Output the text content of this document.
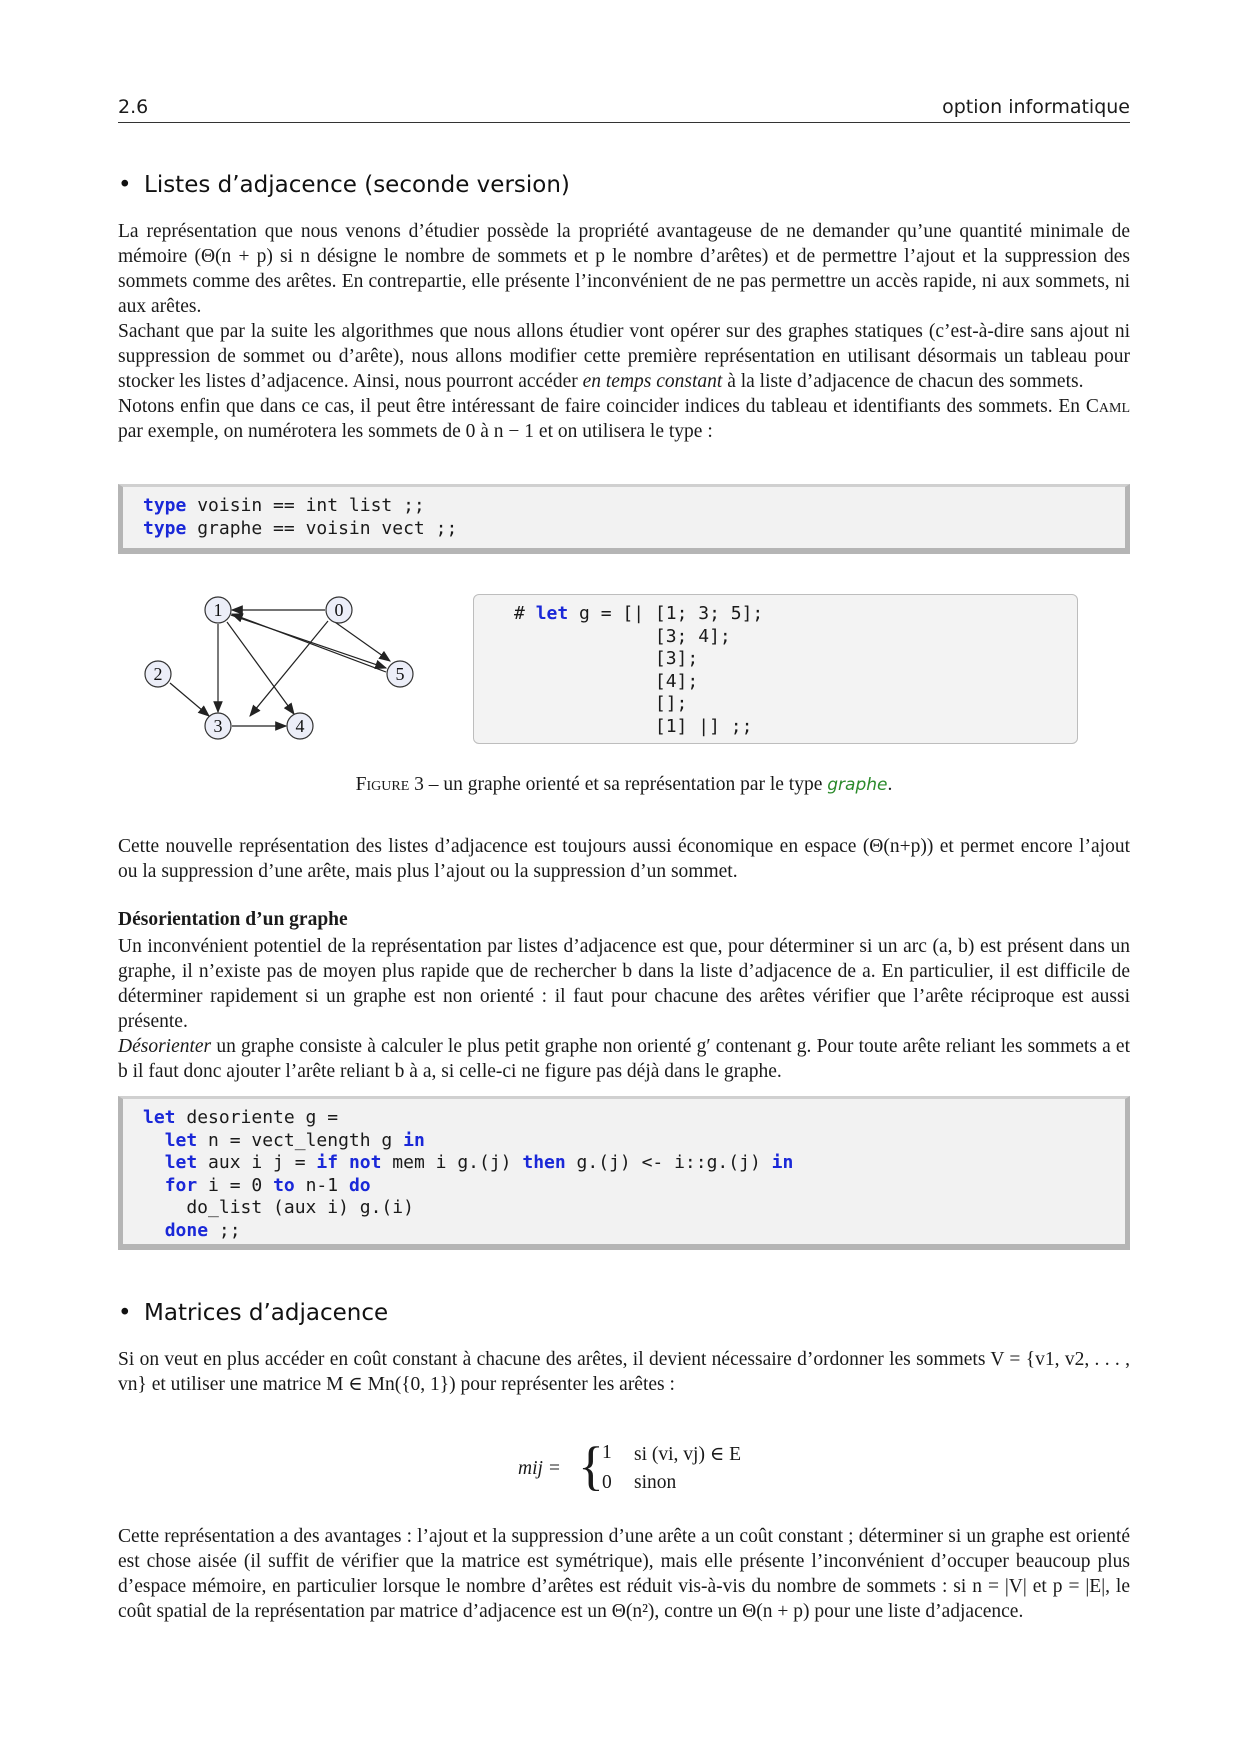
2.6	option informatique
• Listes d’adjacence (seconde version)

La représentation que nous venons d’étudier possède la propriété avantageuse de ne demander qu’une quantité minimale de mémoire (Θ(n + p) si n désigne le nombre de sommets et p le nombre d’arêtes) et de permettre l’ajout et la suppression des sommets comme des arêtes. En contrepartie, elle présente l’inconvénient de ne pas permettre un accès rapide, ni aux sommets, ni aux arêtes.

Sachant que par la suite les algorithmes que nous allons étudier vont opérer sur des graphes statiques (c’est-à-dire sans ajout ni suppression de sommet ou d’arête), nous allons modifier cette première représentation en utilisant désormais un tableau pour stocker les listes d’adjacence. Ainsi, nous pourront accéder en temps constant à la liste d’adjacence de chacun des sommets.

Notons enfin que dans ce cas, il peut être intéressant de faire coincider indices du tableau et identifiants des sommets. En Caml par exemple, on numérotera les sommets de 0 à n − 1 et on utilisera le type :

type voisin == int list ;;
type graphe == voisin vect ;;
1	0
2	5
3	4
# let g = [| [1; 3; 5];
[3; 4];
[3];
[4];
[];
[1] |] ;;
Figure 3 – un graphe orienté et sa représentation par le type graphe.
Cette nouvelle représentation des listes d’adjacence est toujours aussi économique en espace (Θ(n+p)) et permet encore l’ajout ou la suppression d’une arête, mais plus l’ajout ou la suppression d’un sommet.
Désorientation d’un graphe

Un inconvénient potentiel de la représentation par listes d’adjacence est que, pour déterminer si un arc (a, b) est présent dans un graphe, il n’existe pas de moyen plus rapide que de rechercher b dans la liste d’adjacence de a. En particulier, il est difficile de déterminer rapidement si un graphe est non orienté : il faut pour chacune des arêtes vérifier que l’arête réciproque est aussi présente.

Désorienter un graphe consiste à calculer le plus petit graphe non orienté g′ contenant g. Pour toute arête reliant les sommets a et b il faut donc ajouter l’arête reliant b à a, si celle-ci ne figure pas déjà dans le graphe.

let desoriente g =
let n = vect_length g in
let aux i j = if not mem i g.(j) then g.(j) <- i::g.(j) in
for i = 0 to n-1 do
do_list (aux i) g.(i)
done ;;
• Matrices d’adjacence
Si on veut en plus accéder en coût constant à chacune des arêtes, il devient nécessaire d’ordonner les sommets V = {v1, v2, . . . , vn} et utiliser une matrice M ∈ Mn({0, 1}) pour représenter les arêtes :
mij = {
1 si (vi, vj) ∈ E
0 sinon
Cette représentation a des avantages : l’ajout et la suppression d’une arête a un coût constant ; déterminer si un graphe est orienté est chose aisée (il suffit de vérifier que la matrice est symétrique), mais elle présente l’inconvénient d’occuper beaucoup plus d’espace mémoire, en particulier lorsque le nombre d’arêtes est réduit vis-à-vis du nombre de sommets : si n = |V| et p = |E|, le coût spatial de la représentation par matrice d’adjacence est un Θ(n²), contre un Θ(n + p) pour une liste d’adjacence.
